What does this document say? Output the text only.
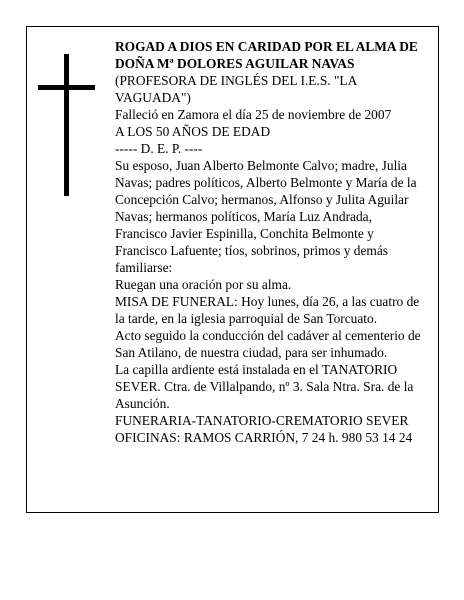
ROGAD A DIOS EN CARIDAD POR EL ALMA DE
DOÑA Mª DOLORES AGUILAR NAVAS
(PROFESORA DE INGLÉS DEL I.E.S. "LA VAGUADA")
Falleció en Zamora el día 25 de noviembre de 2007
A LOS 50 AÑOS DE EDAD
----- D. E. P. ----
Su esposo, Juan Alberto Belmonte Calvo; madre, Julia Navas; padres políticos, Alberto Belmonte y María de la Concepción Calvo; hermanos, Alfonso y Julita Aguilar Navas; hermanos políticos, María Luz Andrada, Francisco Javier Espinilla, Conchita Belmonte y Francisco Lafuente; tíos, sobrinos, primos y demás familiarse:
Ruegan una oración por su alma.
MISA DE FUNERAL: Hoy lunes, día 26, a las cuatro de la tarde, en la iglesia parroquial de San Torcuato.
Acto seguido la conducción del cadáver al cementerio de San Atilano, de nuestra ciudad, para ser inhumado.
La capilla ardiente está instalada en el TANATORIO SEVER. Ctra. de Villalpando, nº 3. Sala Ntra. Sra. de la Asunción.
FUNERARIA-TANATORIO-CREMATORIO SEVER
OFICINAS: RAMOS CARRIÓN, 7 24 h. 980 53 14 24
